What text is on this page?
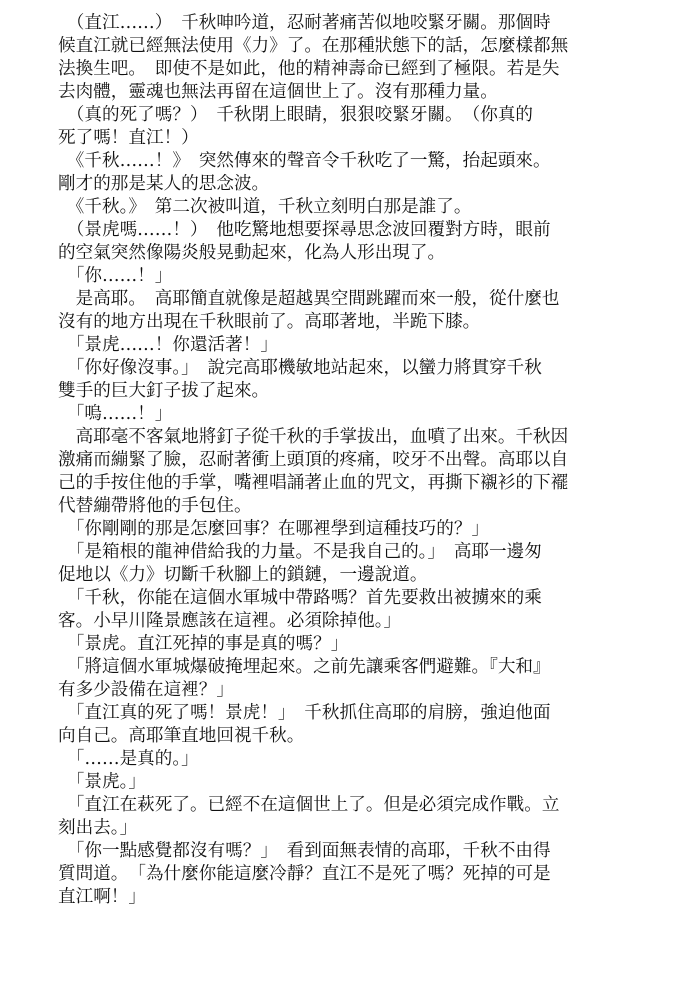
　（直江……）　千秋呻吟道，忍耐著痛苦似地咬緊牙關。那個時
候直江就已經無法使用《力》了。在那種狀態下的話，怎麼樣都無
法換生吧。　即使不是如此，他的精神壽命已經到了極限。若是失
去肉體，靈魂也無法再留在這個世上了。沒有那種力量。
　（真的死了嗎？）　千秋閉上眼睛，狠狠咬緊牙關。　（你真的
死了嗎！直江！）
　《千秋……！》　突然傳來的聲音令千秋吃了一驚，抬起頭來。
剛才的那是某人的思念波。
　《千秋。》　第二次被叫道，千秋立刻明白那是誰了。
　（景虎嗎……！）　他吃驚地想要探尋思念波回覆對方時，眼前
的空氣突然像陽炎般晃動起來，化為人形出現了。
　「你……！」
　是高耶。　高耶簡直就像是超越異空間跳躍而來一般，從什麼也
沒有的地方出現在千秋眼前了。高耶著地，半跪下膝。
　「景虎……！你還活著！」
　「你好像沒事。」　說完高耶機敏地站起來，以蠻力將貫穿千秋
雙手的巨大釘子拔了起來。
　「嗚……！」
　高耶毫不客氣地將釘子從千秋的手掌拔出，血噴了出來。千秋因
激痛而繃緊了臉，忍耐著衝上頭頂的疼痛，咬牙不出聲。高耶以自
己的手按住他的手掌，嘴裡唱誦著止血的咒文，再撕下襯衫的下襬
代替繃帶將他的手包住。
　「你剛剛的那是怎麼回事？在哪裡學到這種技巧的？」
　「是箱根的龍神借給我的力量。不是我自己的。」　高耶一邊匆
促地以《力》切斷千秋腳上的鎖鏈，一邊說道。
　「千秋，你能在這個水軍城中帶路嗎？首先要救出被擄來的乘
客。小早川隆景應該在這裡。必須除掉他。」
　「景虎。直江死掉的事是真的嗎？」
　「將這個水軍城爆破掩埋起來。之前先讓乘客們避難。『大和』
有多少設備在這裡？」
　「直江真的死了嗎！景虎！」　千秋抓住高耶的肩膀，強迫他面
向自己。高耶筆直地回視千秋。
　「……是真的。」
　「景虎。」
　「直江在萩死了。已經不在這個世上了。但是必須完成作戰。立
刻出去。」
　「你一點感覺都沒有嗎？」　看到面無表情的高耶，千秋不由得
質問道。　「為什麼你能這麼冷靜？直江不是死了嗎？死掉的可是
直江啊！」
